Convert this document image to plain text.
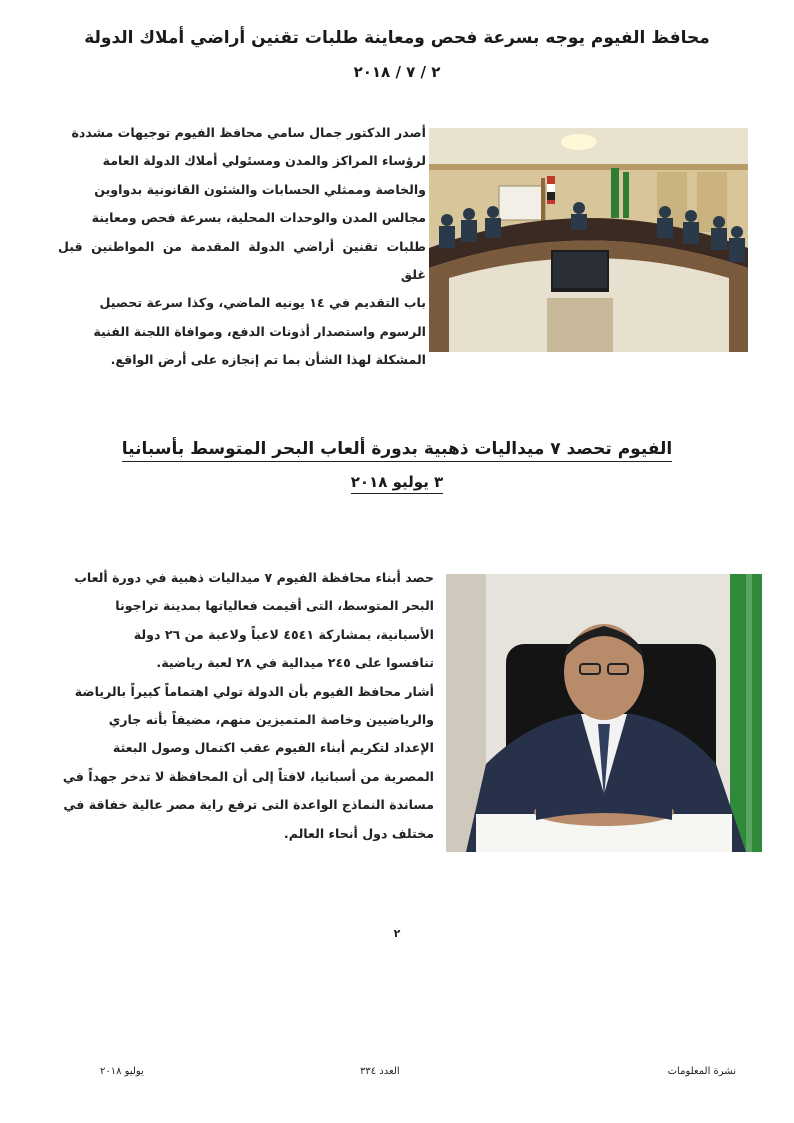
محافظ الفيوم يوجه بسرعة فحص ومعاينة طلبات تقنين أراضي أملاك الدولة
٢ / ٧ / ٢٠١٨

أصدر الدكتور جمال سامي محافظ الفيوم توجيهات مشددة

لرؤساء المراكز والمدن ومسئولي أملاك الدولة العامة

والخاصة وممثلي الحسابات والشئون القانونية بدواوين

مجالس المدن والوحدات المحلية، بسرعة فحص ومعاينة

طلبات تقنين أراضي الدولة المقدمة من المواطنين قبل غلق

باب التقديم في ١٤ يونيه الماضي، وكذا سرعة تحصيل

الرسوم واستصدار أذونات الدفع، وموافاة اللجنة الفنية

المشكلة لهذا الشأن بما تم إنجازه على أرض الواقع.

الفيوم تحصد ٧ ميداليات ذهبية بدورة ألعاب البحر المتوسط بأسبانيا
٣ يوليو ٢٠١٨

حصد أبناء محافظة الفيوم ٧ ميداليات ذهبية في دورة ألعاب

البحر المتوسط، التى أقيمت فعالياتها بمدينة تراجونا

الأسبانية، بمشاركة ٤٥٤١ لاعباً ولاعبة من ٢٦ دولة

تنافسوا على ٢٤٥ ميدالية في ٢٨ لعبة رياضية.

أشار محافظ الفيوم بأن الدولة تولي اهتماماً كبيراً بالرياضة

والرياضيين وخاصة المتميزين منهم، مضيفاً بأنه جاري

الإعداد لتكريم أبناء الفيوم عقب اكتمال وصول البعثة

المصرية من أسبانيا، لافتاً إلى أن المحافظة لا تدخر جهداً في

مساندة النماذج الواعدة التى ترفع راية مصر عالية خفاقة في

مختلف دول أنحاء العالم.

٢
نشرة المعلومات
العدد ٣٣٤
يوليو ٢٠١٨
